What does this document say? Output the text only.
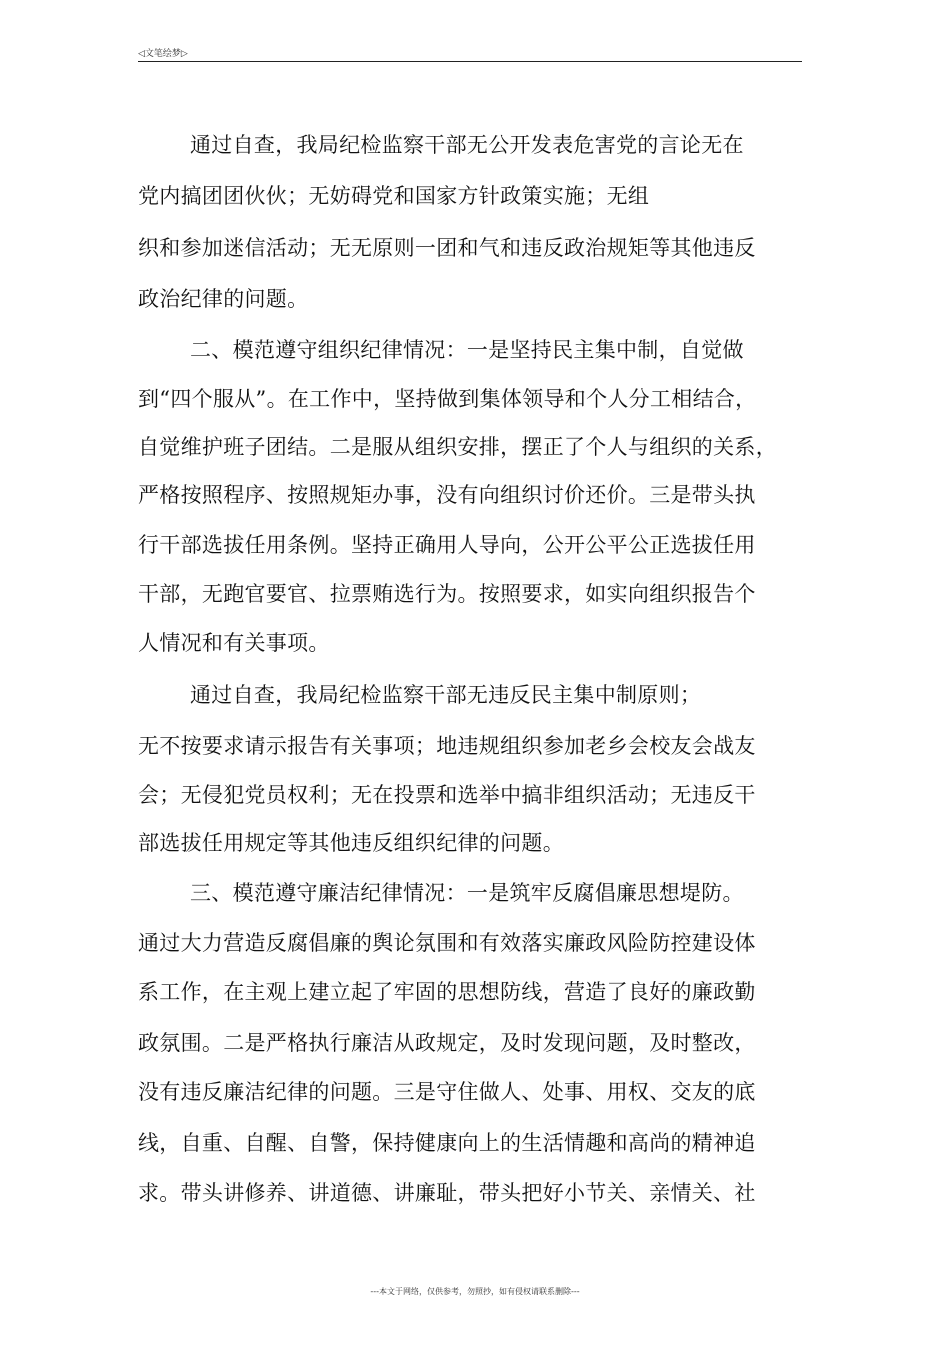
◁文笔绘梦▷
通过自查，我局纪检监察干部无公开发表危害党的言论无在
党内搞团团伙伙；无妨碍党和国家方针政策实施；无组
织和参加迷信活动；无无原则一团和气和违反政治规矩等其他违反
政治纪律的问题。
二、模范遵守组织纪律情况：一是坚持民主集中制，自觉做
到“四个服从”。在工作中，坚持做到集体领导和个人分工相结合，
自觉维护班子团结。二是服从组织安排，摆正了个人与组织的关系，
严格按照程序、按照规矩办事，没有向组织讨价还价。三是带头执
行干部选拔任用条例。坚持正确用人导向，公开公平公正选拔任用
干部，无跑官要官、拉票贿选行为。按照要求，如实向组织报告个
人情况和有关事项。
通过自查，我局纪检监察干部无违反民主集中制原则；
无不按要求请示报告有关事项；地违规组织参加老乡会校友会战友
会；无侵犯党员权利；无在投票和选举中搞非组织活动；无违反干
部选拔任用规定等其他违反组织纪律的问题。
三、模范遵守廉洁纪律情况：一是筑牢反腐倡廉思想堤防。
通过大力营造反腐倡廉的舆论氛围和有效落实廉政风险防控建设体
系工作，在主观上建立起了牢固的思想防线，营造了良好的廉政勤
政氛围。二是严格执行廉洁从政规定，及时发现问题，及时整改，
没有违反廉洁纪律的问题。三是守住做人、处事、用权、交友的底
线，自重、自醒、自警，保持健康向上的生活情趣和高尚的精神追
求。带头讲修养、讲道德、讲廉耻，带头把好小节关、亲情关、社
---本文于网络，仅供参考，勿照抄，如有侵权请联系删除---
